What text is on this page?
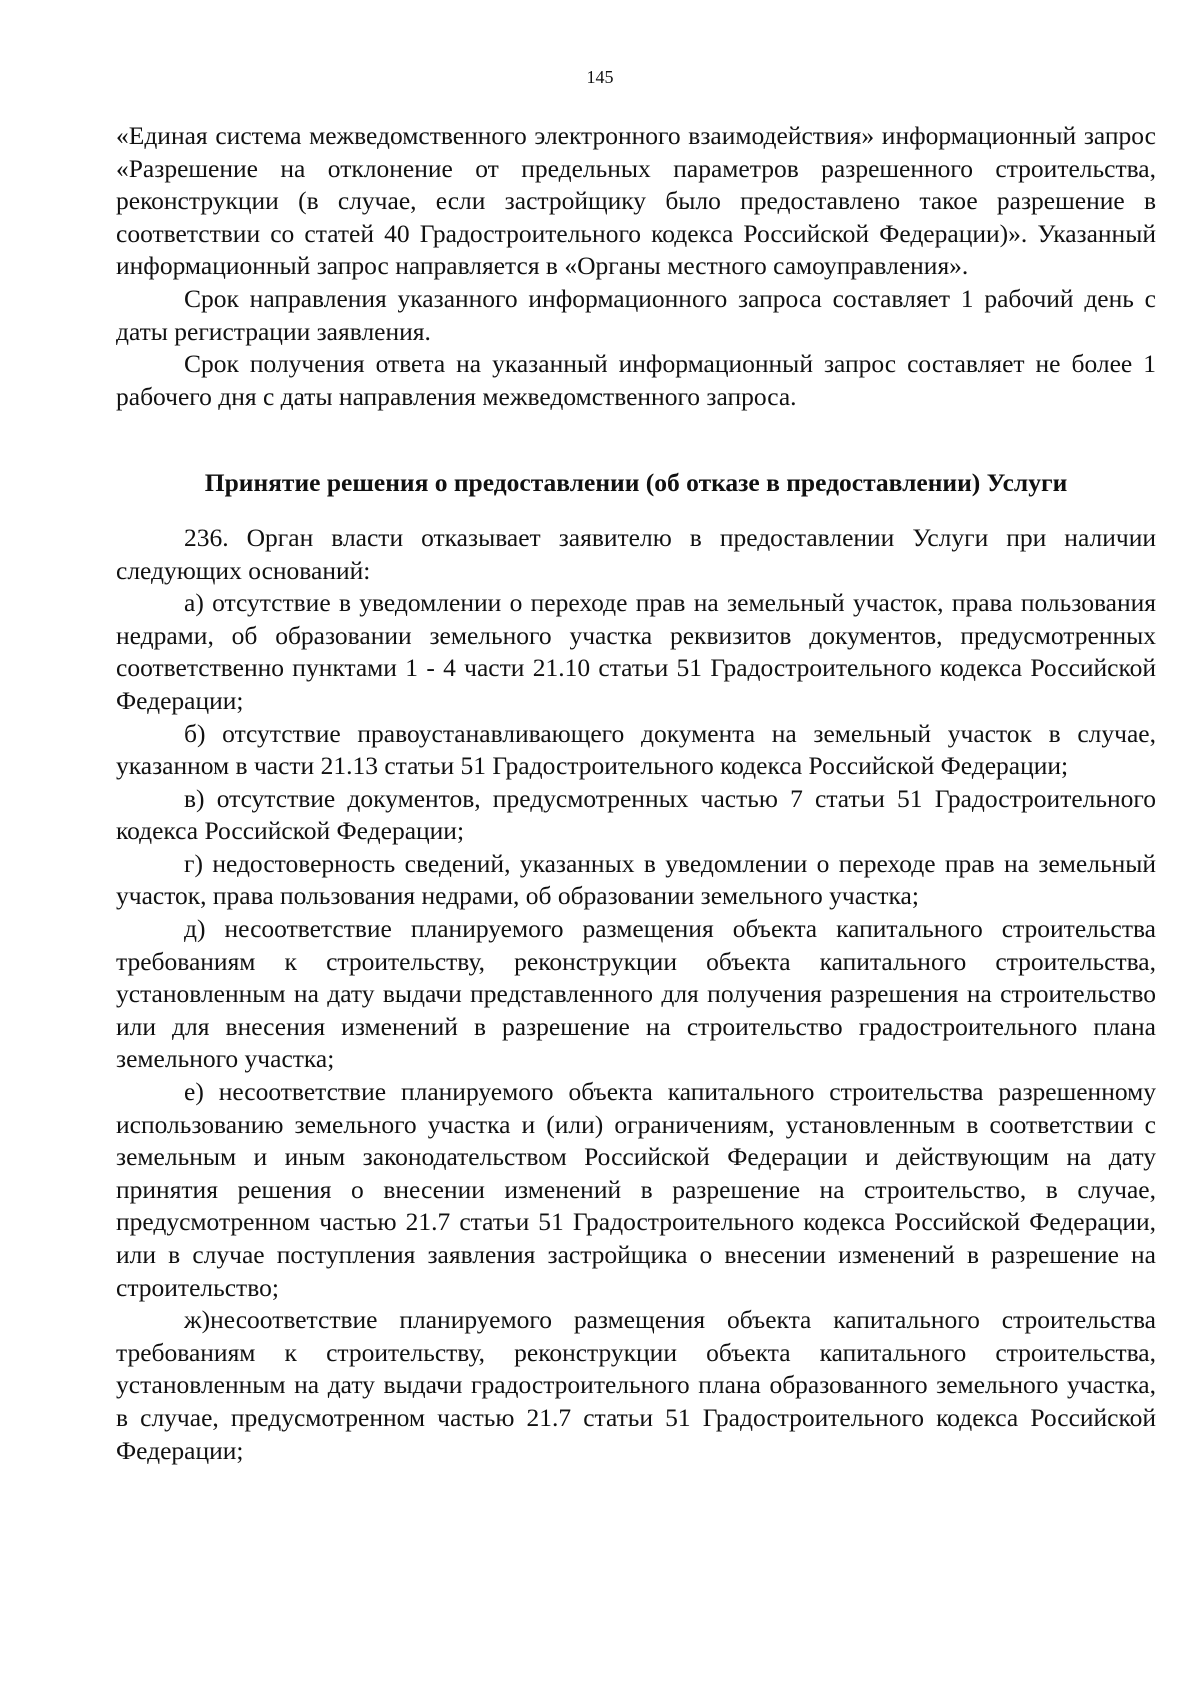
145

«Единая система межведомственного электронного взаимодействия» информационный запрос «Разрешение на отклонение от предельных параметров разрешенного строительства, реконструкции (в случае, если застройщику было предоставлено такое разрешение в соответствии со статей 40 Градостроительного кодекса Российской Федерации)». Указанный информационный запрос направляется в «Органы местного самоуправления».

Срок направления указанного информационного запроса составляет 1 рабочий день с даты регистрации заявления.

Срок получения ответа на указанный информационный запрос составляет не более 1 рабочего дня с даты направления межведомственного запроса.

Принятие решения о предоставлении (об отказе в предоставлении) Услуги

236. Орган власти отказывает заявителю в предоставлении Услуги при наличии следующих оснований:

а) отсутствие в уведомлении о переходе прав на земельный участок, права пользования недрами, об образовании земельного участка реквизитов документов, предусмотренных соответственно пунктами 1 - 4 части 21.10 статьи 51 Градостроительного кодекса Российской Федерации;

б) отсутствие правоустанавливающего документа на земельный участок в случае, указанном в части 21.13 статьи 51 Градостроительного кодекса Российской Федерации;

в) отсутствие документов, предусмотренных частью 7 статьи 51 Градостроительного кодекса Российской Федерации;

г) недостоверность сведений, указанных в уведомлении о переходе прав на земельный участок, права пользования недрами, об образовании земельного участка;

д) несоответствие планируемого размещения объекта капитального строительства требованиям к строительству, реконструкции объекта капитального строительства, установленным на дату выдачи представленного для получения разрешения на строительство или для внесения изменений в разрешение на строительство градостроительного плана земельного участка;

е) несоответствие планируемого объекта капитального строительства разрешенному использованию земельного участка и (или) ограничениям, установленным в соответствии с земельным и иным законодательством Российской Федерации и действующим на дату принятия решения о внесении изменений в разрешение на строительство, в случае, предусмотренном частью 21.7 статьи 51 Градостроительного кодекса Российской Федерации, или в случае поступления заявления застройщика о внесении изменений в разрешение на строительство;

ж)несоответствие планируемого размещения объекта капитального строительства требованиям к строительству, реконструкции объекта капитального строительства, установленным на дату выдачи градостроительного плана образованного земельного участка, в случае, предусмотренном частью 21.7 статьи 51 Градостроительного кодекса Российской Федерации;
